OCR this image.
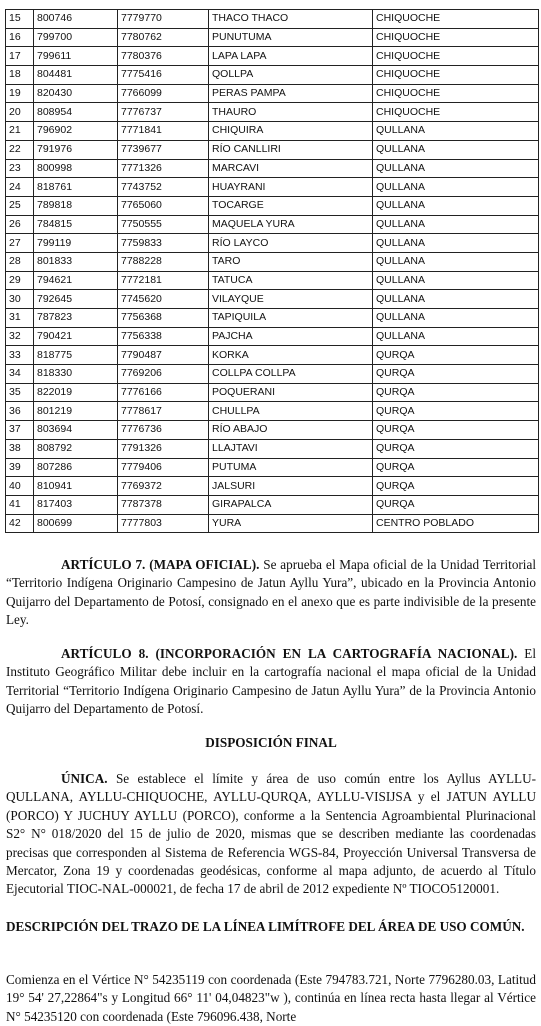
15	800746	7779770	THACO THACO	CHIQUOCHE
16	799700	7780762	PUNUTUMA	CHIQUOCHE
17	799611	7780376	LAPA LAPA	CHIQUOCHE
18	804481	7775416	QOLLPA	CHIQUOCHE
19	820430	7766099	PERAS PAMPA	CHIQUOCHE
20	808954	7776737	THAURO	CHIQUOCHE
21	796902	7771841	CHIQUIRA	QULLANA
22	791976	7739677	RÍO CANLLIRI	QULLANA
23	800998	7771326	MARCAVI	QULLANA
24	818761	7743752	HUAYRANI	QULLANA
25	789818	7765060	TOCARGE	QULLANA
26	784815	7750555	MAQUELA YURA	QULLANA
27	799119	7759833	RÍO LAYCO	QULLANA
28	801833	7788228	TARO	QULLANA
29	794621	7772181	TATUCA	QULLANA
30	792645	7745620	VILAYQUE	QULLANA
31	787823	7756368	TAPIQUILA	QULLANA
32	790421	7756338	PAJCHA	QULLANA
33	818775	7790487	KORKA	QURQA
34	818330	7769206	COLLPA COLLPA	QURQA
35	822019	7776166	POQUERANI	QURQA
36	801219	7778617	CHULLPA	QURQA
37	803694	7776736	RÍO ABAJO	QURQA
38	808792	7791326	LLAJTAVI	QURQA
39	807286	7779406	PUTUMA	QURQA
40	810941	7769372	JALSURI	QURQA
41	817403	7787378	GIRAPALCA	QURQA
42	800699	7777803	YURA	CENTRO POBLADO

ARTÍCULO 7. (MAPA OFICIAL). Se aprueba el Mapa oficial de la Unidad Territorial “Territorio Indígena Originario Campesino de Jatun Ayllu Yura”, ubicado en la Provincia Antonio Quijarro del Departamento de Potosí, consignado en el anexo que es parte indivisible de la presente Ley.

ARTÍCULO 8. (INCORPORACIÓN EN LA CARTOGRAFÍA NACIONAL). El Instituto Geográfico Militar debe incluir en la cartografía nacional el mapa oficial de la Unidad Territorial “Territorio Indígena Originario Campesino de Jatun Ayllu Yura” de la Provincia Antonio Quijarro del Departamento de Potosí.

DISPOSICIÓN FINAL

ÚNICA. Se establece el límite y área de uso común entre los Ayllus AYLLU-QULLANA, AYLLU-CHIQUOCHE, AYLLU-QURQA, AYLLU-VISIJSA y el JATUN AYLLU (PORCO) Y JUCHUY AYLLU (PORCO), conforme a la Sentencia Agroambiental Plurinacional S2° N° 018/2020 del 15 de julio de 2020, mismas que se describen mediante las coordenadas precisas que corresponden al Sistema de Referencia WGS-84, Proyección Universal Transversa de Mercator, Zona 19 y coordenadas geodésicas, conforme al mapa adjunto, de acuerdo al Título Ejecutorial TIOC-NAL-000021, de fecha 17 de abril de 2012 expediente Nº TIOCO5120001.

DESCRIPCIÓN DEL TRAZO DE LA LÍNEA LIMÍTROFE DEL ÁREA DE USO COMÚN.

Comienza en el Vértice N° 54235119 con coordenada (Este 794783.721, Norte 7796280.03, Latitud 19° 54' 27,22864"s y Longitud 66° 11' 04,04823"w ), continúa en línea recta hasta llegar al Vértice N° 54235120 con coordenada (Este 796096.438, Norte
